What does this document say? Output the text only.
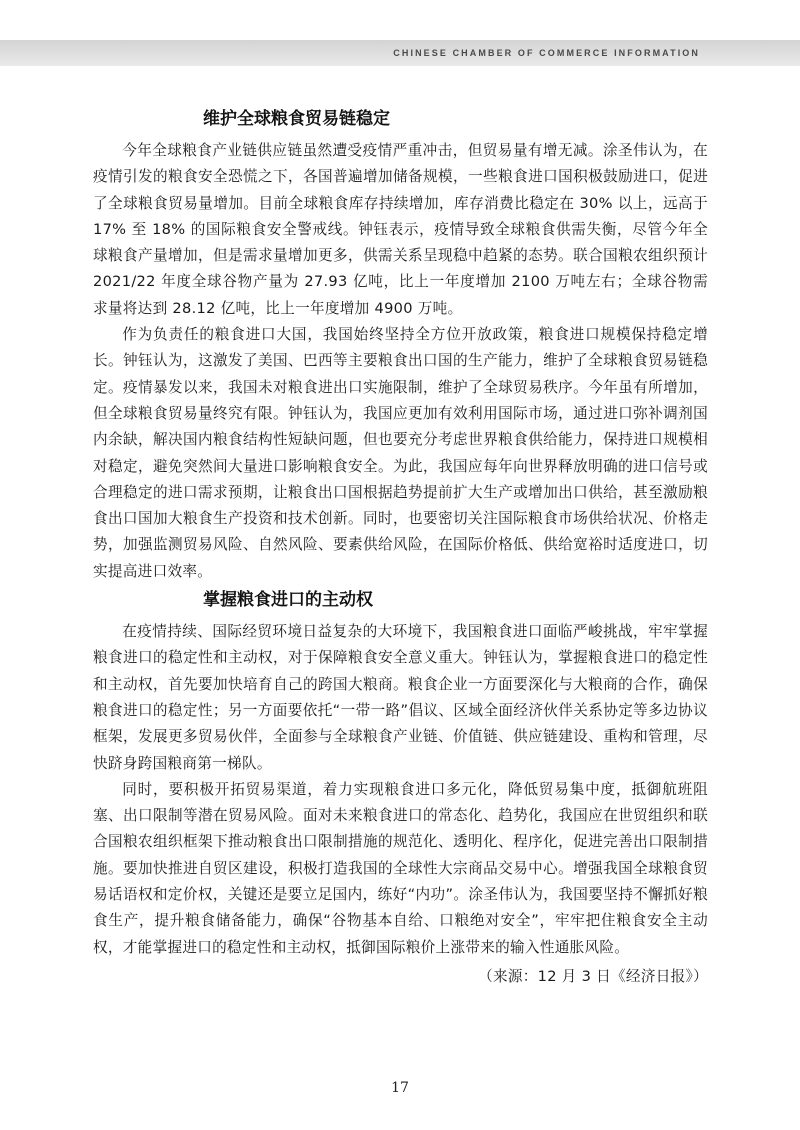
CHINESE CHAMBER OF COMMERCE INFORMATION
维护全球粮食贸易链稳定

今年全球粮食产业链供应链虽然遭受疫情严重冲击，但贸易量有增无减。涂圣伟认为，在疫情引发的粮食安全恐慌之下，各国普遍增加储备规模，一些粮食进口国积极鼓励进口，促进了全球粮食贸易量增加。目前全球粮食库存持续增加，库存消费比稳定在 30% 以上，远高于 17% 至 18% 的国际粮食安全警戒线。钟钰表示，疫情导致全球粮食供需失衡，尽管今年全球粮食产量增加，但是需求量增加更多，供需关系呈现稳中趋紧的态势。联合国粮农组织预计 2021/22 年度全球谷物产量为 27.93 亿吨，比上一年度增加 2100 万吨左右；全球谷物需求量将达到 28.12 亿吨，比上一年度增加 4900 万吨。

作为负责任的粮食进口大国，我国始终坚持全方位开放政策，粮食进口规模保持稳定增长。钟钰认为，这激发了美国、巴西等主要粮食出口国的生产能力，维护了全球粮食贸易链稳定。疫情暴发以来，我国未对粮食进出口实施限制，维护了全球贸易秩序。今年虽有所增加，但全球粮食贸易量终究有限。钟钰认为，我国应更加有效利用国际市场，通过进口弥补调剂国内余缺，解决国内粮食结构性短缺问题，但也要充分考虑世界粮食供给能力，保持进口规模相对稳定，避免突然间大量进口影响粮食安全。为此，我国应每年向世界释放明确的进口信号或合理稳定的进口需求预期，让粮食出口国根据趋势提前扩大生产或增加出口供给，甚至激励粮食出口国加大粮食生产投资和技术创新。同时，也要密切关注国际粮食市场供给状况、价格走势，加强监测贸易风险、自然风险、要素供给风险，在国际价格低、供给宽裕时适度进口，切实提高进口效率。

掌握粮食进口的主动权

在疫情持续、国际经贸环境日益复杂的大环境下，我国粮食进口面临严峻挑战，牢牢掌握粮食进口的稳定性和主动权，对于保障粮食安全意义重大。钟钰认为，掌握粮食进口的稳定性和主动权，首先要加快培育自己的跨国大粮商。粮食企业一方面要深化与大粮商的合作，确保粮食进口的稳定性；另一方面要依托“一带一路”倡议、区域全面经济伙伴关系协定等多边协议框架，发展更多贸易伙伴，全面参与全球粮食产业链、价值链、供应链建设、重构和管理，尽快跻身跨国粮商第一梯队。

同时，要积极开拓贸易渠道，着力实现粮食进口多元化，降低贸易集中度，抵御航班阻塞、出口限制等潜在贸易风险。面对未来粮食进口的常态化、趋势化，我国应在世贸组织和联合国粮农组织框架下推动粮食出口限制措施的规范化、透明化、程序化，促进完善出口限制措施。要加快推进自贸区建设，积极打造我国的全球性大宗商品交易中心。增强我国全球粮食贸易话语权和定价权，关键还是要立足国内，练好“内功”。涂圣伟认为，我国要坚持不懈抓好粮食生产，提升粮食储备能力，确保“谷物基本自给、口粮绝对安全”，牢牢把住粮食安全主动权，才能掌握进口的稳定性和主动权，抵御国际粮价上涨带来的输入性通胀风险。

（来源：12 月 3 日《经济日报》）
17
